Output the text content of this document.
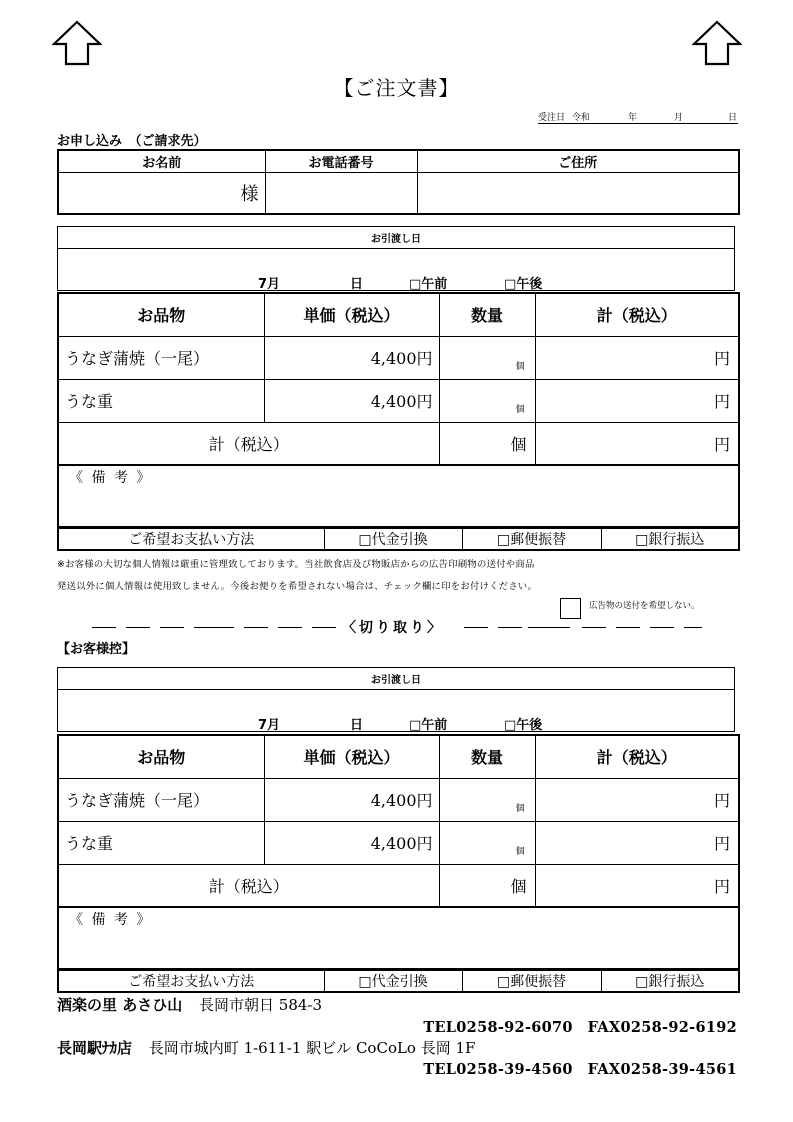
【ご注文書】
受注日 令和	年	月	日
お申し込み　（ご請求先）
お名前	お電話番号	ご住所
様		
お引渡し日

7月	日	□午前	□午後
お品物	単価（税込）	数量	計（税込）
うなぎ蒲焼（一尾）	4,400円	個	円
うな重	4,400円	個	円
計（税込）		個	円
《 備 考 》
ご希望お支払い方法	□代金引換	□郵便振替	□銀行振込
※お客様の大切な個人情報は厳重に管理致しております。当社飲食店及び物販店からの広告印刷物の送付や商品
発送以外に個人情報は使用致しません。今後お便りを希望されない場合は、チェック欄に印をお付けください。
広告物の送付を希望しない。
〈切り取り〉
【お客様控】
お引渡し日

7月	日	□午前	□午後
お品物	単価（税込）	数量	計（税込）
うなぎ蒲焼（一尾）	4,400円	個	円
うな重	4,400円	個	円
計（税込）		個	円
《 備 考 》
ご希望お支払い方法	□代金引換	□郵便振替	□銀行振込
酒楽の里 あさひ山 長岡市朝日 584-3
TEL0258-92-6070　FAX0258-92-6192
長岡駅ﾅｶ店 長岡市城内町 1-611-1 駅ビル CoCoLo 長岡 1F
TEL0258-39-4560　FAX0258-39-4561
